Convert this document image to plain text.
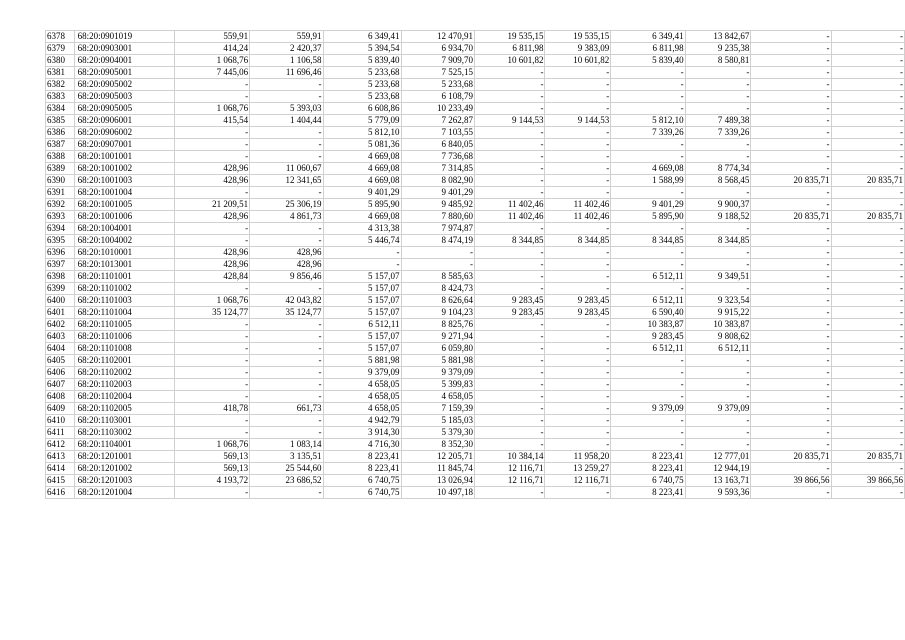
6378	68:20:0901019	559,91	559,91	6 349,41	12 470,91	19 535,15	19 535,15	6 349,41	13 842,67	-	-
6379	68:20:0903001	414,24	2 420,37	5 394,54	6 934,70	6 811,98	9 383,09	6 811,98	9 235,38	-	-
6380	68:20:0904001	1 068,76	1 106,58	5 839,40	7 909,70	10 601,82	10 601,82	5 839,40	8 580,81	-	-
6381	68:20:0905001	7 445,06	11 696,46	5 233,68	7 525,15	-	-	-	-	-	-
6382	68:20:0905002	-	-	5 233,68	5 233,68	-	-	-	-	-	-
6383	68:20:0905003	-	-	5 233,68	6 108,79	-	-	-	-	-	-
6384	68:20:0905005	1 068,76	5 393,03	6 608,86	10 233,49	-	-	-	-	-	-
6385	68:20:0906001	415,54	1 404,44	5 779,09	7 262,87	9 144,53	9 144,53	5 812,10	7 489,38	-	-
6386	68:20:0906002	-	-	5 812,10	7 103,55	-	-	7 339,26	7 339,26	-	-
6387	68:20:0907001	-	-	5 081,36	6 840,05	-	-	-	-	-	-
6388	68:20:1001001	-	-	4 669,08	7 736,68	-	-	-	-	-	-
6389	68:20:1001002	428,96	11 060,67	4 669,08	7 314,85	-	-	4 669,08	8 774,34	-	-
6390	68:20:1001003	428,96	12 341,65	4 669,08	8 082,90	-	-	1 588,99	8 568,45	20 835,71	20 835,71
6391	68:20:1001004	-	-	9 401,29	9 401,29	-	-	-	-	-	-
6392	68:20:1001005	21 209,51	25 306,19	5 895,90	9 485,92	11 402,46	11 402,46	9 401,29	9 900,37	-	-
6393	68:20:1001006	428,96	4 861,73	4 669,08	7 880,60	11 402,46	11 402,46	5 895,90	9 188,52	20 835,71	20 835,71
6394	68:20:1004001	-	-	4 313,38	7 974,87	-	-	-	-	-	-
6395	68:20:1004002	-	-	5 446,74	8 474,19	8 344,85	8 344,85	8 344,85	8 344,85	-	-
6396	68:20:1010001	428,96	428,96	-	-	-	-	-	-	-	-
6397	68:20:1013001	428,96	428,96	-	-	-	-	-	-	-	-
6398	68:20:1101001	428,84	9 856,46	5 157,07	8 585,63	-	-	6 512,11	9 349,51	-	-
6399	68:20:1101002	-	-	5 157,07	8 424,73	-	-	-	-	-	-
6400	68:20:1101003	1 068,76	42 043,82	5 157,07	8 626,64	9 283,45	9 283,45	6 512,11	9 323,54	-	-
6401	68:20:1101004	35 124,77	35 124,77	5 157,07	9 104,23	9 283,45	9 283,45	6 590,40	9 915,22	-	-
6402	68:20:1101005	-	-	6 512,11	8 825,76	-	-	10 383,87	10 383,87	-	-
6403	68:20:1101006	-	-	5 157,07	9 271,94	-	-	9 283,45	9 808,62	-	-
6404	68:20:1101008	-	-	5 157,07	6 059,80	-	-	6 512,11	6 512,11	-	-
6405	68:20:1102001	-	-	5 881,98	5 881,98	-	-	-	-	-	-
6406	68:20:1102002	-	-	9 379,09	9 379,09	-	-	-	-	-	-
6407	68:20:1102003	-	-	4 658,05	5 399,83	-	-	-	-	-	-
6408	68:20:1102004	-	-	4 658,05	4 658,05	-	-	-	-	-	-
6409	68:20:1102005	418,78	661,73	4 658,05	7 159,39	-	-	9 379,09	9 379,09	-	-
6410	68:20:1103001	-	-	4 942,79	5 185,03	-	-	-	-	-	-
6411	68:20:1103002	-	-	3 914,30	5 379,30	-	-	-	-	-	-
6412	68:20:1104001	1 068,76	1 083,14	4 716,30	8 352,30	-	-	-	-	-	-
6413	68:20:1201001	569,13	3 135,51	8 223,41	12 205,71	10 384,14	11 958,20	8 223,41	12 777,01	20 835,71	20 835,71
6414	68:20:1201002	569,13	25 544,60	8 223,41	11 845,74	12 116,71	13 259,27	8 223,41	12 944,19	-	-
6415	68:20:1201003	4 193,72	23 686,52	6 740,75	13 026,94	12 116,71	12 116,71	6 740,75	13 163,71	39 866,56	39 866,56
6416	68:20:1201004	-	-	6 740,75	10 497,18	-	-	8 223,41	9 593,36	-	-
